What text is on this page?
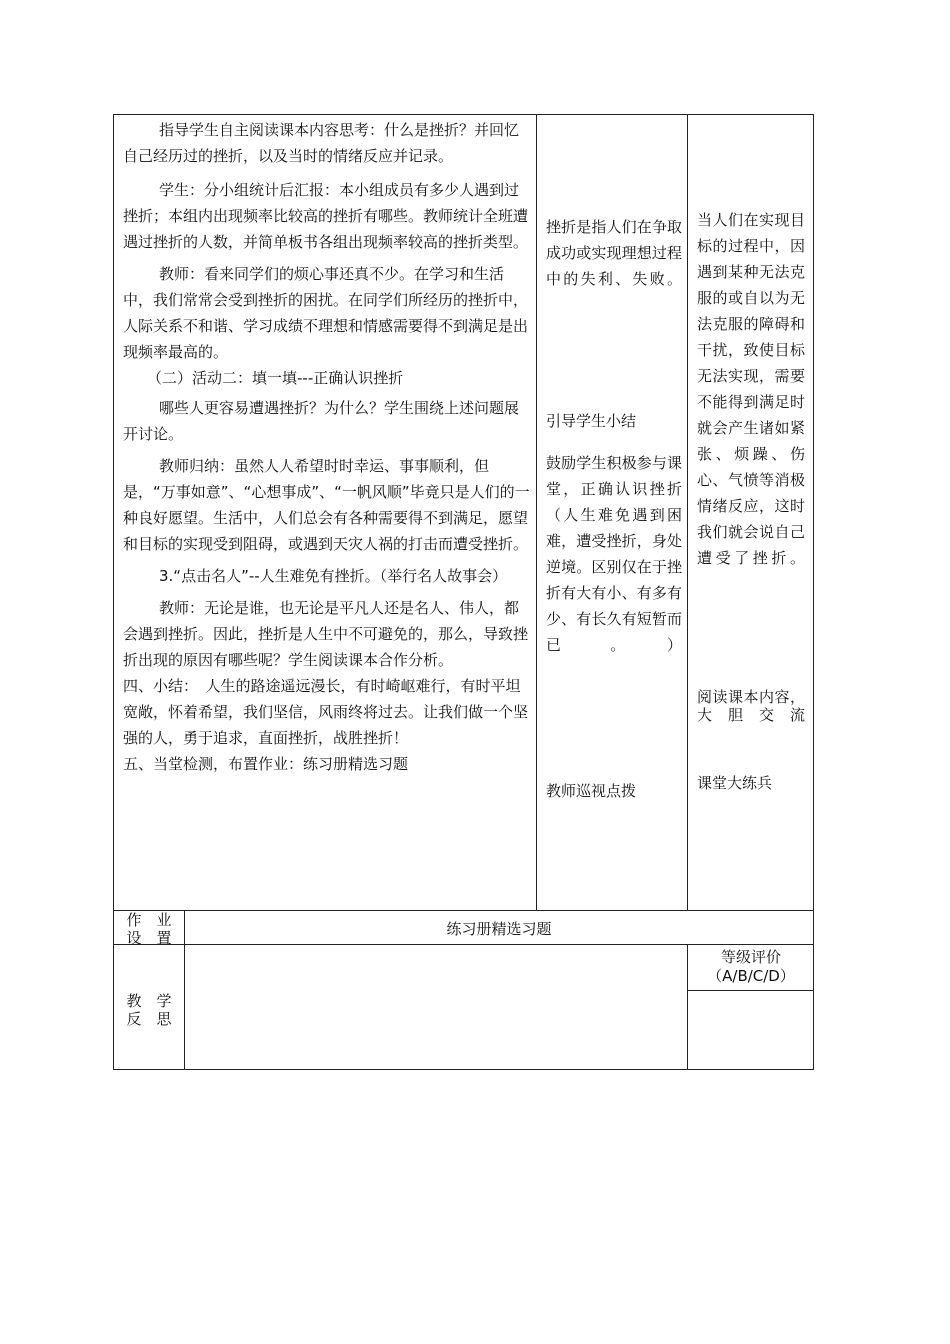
指导学生自主阅读课本内容思考：什么是挫折？并回忆自己经历过的挫折，以及当时的情绪反应并记录。

学生：分小组统计后汇报：本小组成员有多少人遇到过挫折；本组内出现频率比较高的挫折有哪些。教师统计全班遭遇过挫折的人数，并简单板书各组出现频率较高的挫折类型。

教师：看来同学们的烦心事还真不少。在学习和生活中，我们常常会受到挫折的困扰。在同学们所经历的挫折中，人际关系不和谐、学习成绩不理想和情感需要得不到满足是出现频率最高的。

（二）活动二：填一填---正确认识挫折

哪些人更容易遭遇挫折？为什么？学生围绕上述问题展开讨论。

教师归纳：虽然人人希望时时幸运、事事顺利，但是，“万事如意”、“心想事成”、“一帆风顺”毕竟只是人们的一种良好愿望。生活中，人们总会有各种需要得不到满足，愿望和目标的实现受到阻碍，或遇到天灾人祸的打击而遭受挫折。

3.“点击名人”--人生难免有挫折。（举行名人故事会）

教师：无论是谁，也无论是平凡人还是名人、伟人，都会遇到挫折。因此，挫折是人生中不可避免的，那么，导致挫折出现的原因有哪些呢？学生阅读课本合作分析。

四、小结：　人生的路途遥远漫长，有时崎岖难行，有时平坦宽敞，怀着希望，我们坚信，风雨终将过去。让我们做一个坚强的人，勇于追求，直面挫折，战胜挫折！

五、当堂检测，布置作业：练习册精选习题

挫折是指人们在争取成功或实现理想过程中的失利、失败。

引导学生小结

鼓励学生积极参与课堂，正确认识挫折（人生难免遇到困难，遭受挫折，身处逆境。区别仅在于挫折有大有小、有多有少、有长久有短暂而已。）

教师巡视点拨

当人们在实现目标的过程中，因遇到某种无法克服的或自以为无法克服的障碍和干扰，致使目标无法实现，需要不能得到满足时就会产生诸如紧张、烦躁、伤心、气愤等消极情绪反应，这时我们就会说自己遭受了挫折。

阅读课本内容，大胆交流

课堂大练兵

作　业
设　置	练习册精选习题
教　学
反　思
等级评价
（A/B/C/D）
